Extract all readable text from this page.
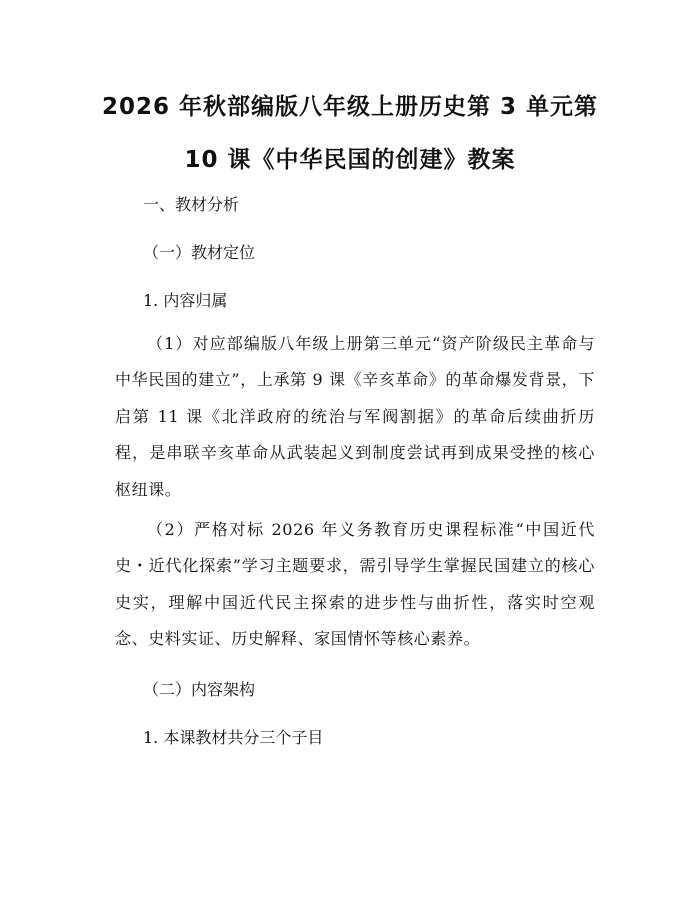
2026 年秋部编版八年级上册历史第 3 单元第
10 课《中华民国的创建》教案
一、教材分析
（一）教材定位
1. 内容归属
（1）对应部编版八年级上册第三单元“资产阶级民主革命与中华民国的建立”，上承第 9 课《辛亥革命》的革命爆发背景，下启第 11 课《北洋政府的统治与军阀割据》的革命后续曲折历程，是串联辛亥革命从武装起义到制度尝试再到成果受挫的核心枢纽课。
（2）严格对标 2026 年义务教育历史课程标准“中国近代史・近代化探索”学习主题要求，需引导学生掌握民国建立的核心史实，理解中国近代民主探索的进步性与曲折性，落实时空观念、史料实证、历史解释、家国情怀等核心素养。
（二）内容架构
1. 本课教材共分三个子目
